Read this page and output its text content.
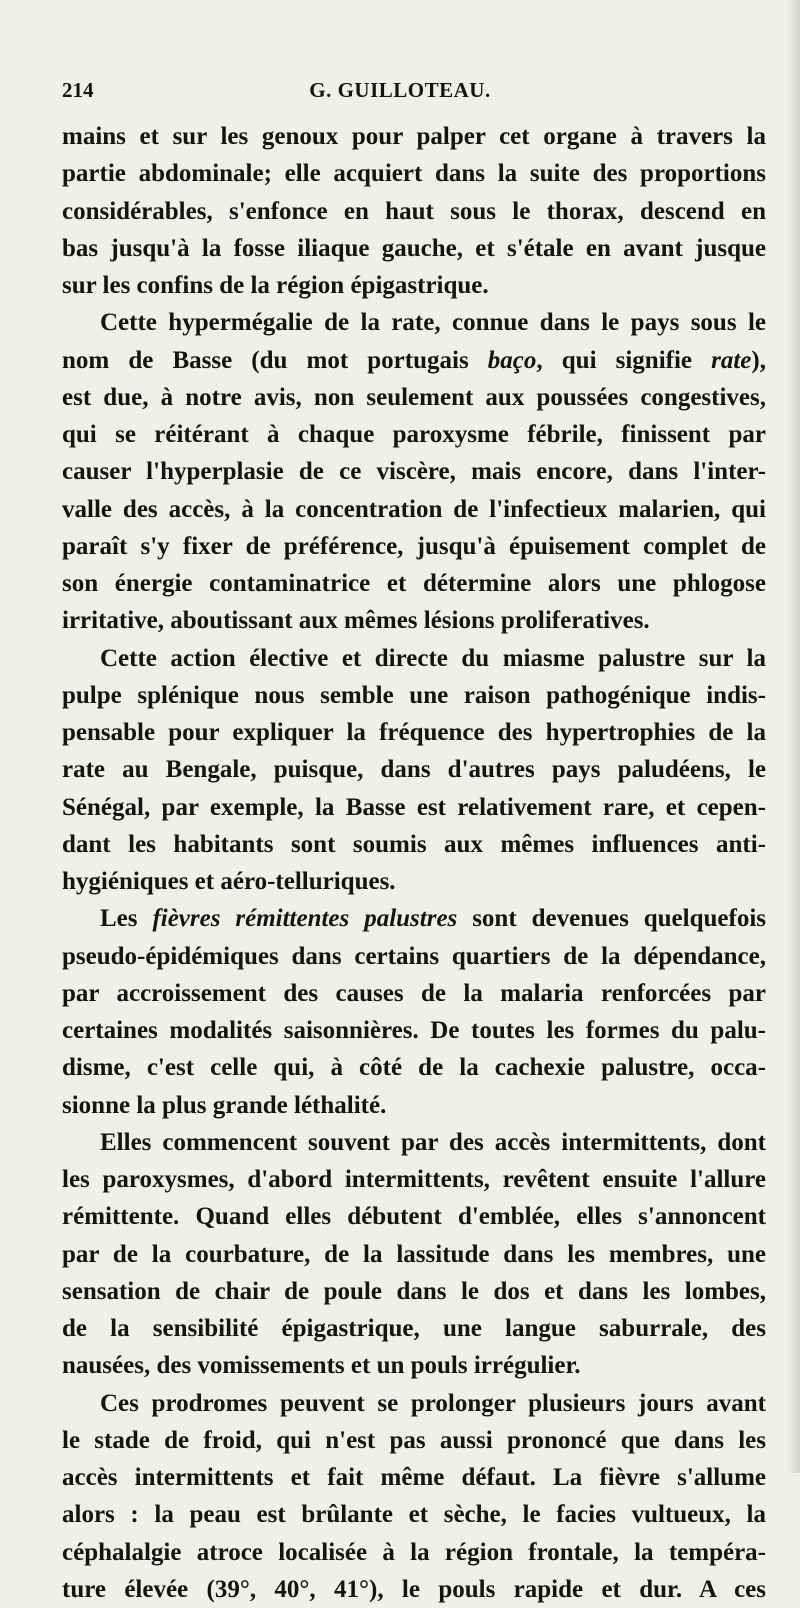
214	G. GUILLOTEAU.
mains et sur les genoux pour palper cet organe à travers la
partie abdominale; elle acquiert dans la suite des proportions
considérables, s'enfonce en haut sous le thorax, descend en
bas jusqu'à la fosse iliaque gauche, et s'étale en avant jusque
sur les confins de la région épigastrique.
Cette hypermégalie de la rate, connue dans le pays sous le
nom de Basse (du mot portugais baço, qui signifie rate),
est due, à notre avis, non seulement aux poussées congestives,
qui se réitérant à chaque paroxysme fébrile, finissent par
causer l'hyperplasie de ce viscère, mais encore, dans l'inter-
valle des accès, à la concentration de l'infectieux malarien, qui
paraît s'y fixer de préférence, jusqu'à épuisement complet de
son énergie contaminatrice et détermine alors une phlogose
irritative, aboutissant aux mêmes lésions proliferatives.
Cette action élective et directe du miasme palustre sur la
pulpe splénique nous semble une raison pathogénique indis-
pensable pour expliquer la fréquence des hypertrophies de la
rate au Bengale, puisque, dans d'autres pays paludéens, le
Sénégal, par exemple, la Basse est relativement rare, et cepen-
dant les habitants sont soumis aux mêmes influences anti-
hygiéniques et aéro-telluriques.
Les fièvres rémittentes palustres sont devenues quelquefois
pseudo-épidémiques dans certains quartiers de la dépendance,
par accroissement des causes de la malaria renforcées par
certaines modalités saisonnières. De toutes les formes du palu-
disme, c'est celle qui, à côté de la cachexie palustre, occa-
sionne la plus grande léthalité.
Elles commencent souvent par des accès intermittents, dont
les paroxysmes, d'abord intermittents, revêtent ensuite l'allure
rémittente. Quand elles débutent d'emblée, elles s'annoncent
par de la courbature, de la lassitude dans les membres, une
sensation de chair de poule dans le dos et dans les lombes,
de la sensibilité épigastrique, une langue saburrale, des
nausées, des vomissements et un pouls irrégulier.
Ces prodromes peuvent se prolonger plusieurs jours avant
le stade de froid, qui n'est pas aussi prononcé que dans les
accès intermittents et fait même défaut. La fièvre s'allume
alors : la peau est brûlante et sèche, le facies vultueux, la
céphalalgie atroce localisée à la région frontale, la tempéra-
ture élevée (39°, 40°, 41°), le pouls rapide et dur. A ces
